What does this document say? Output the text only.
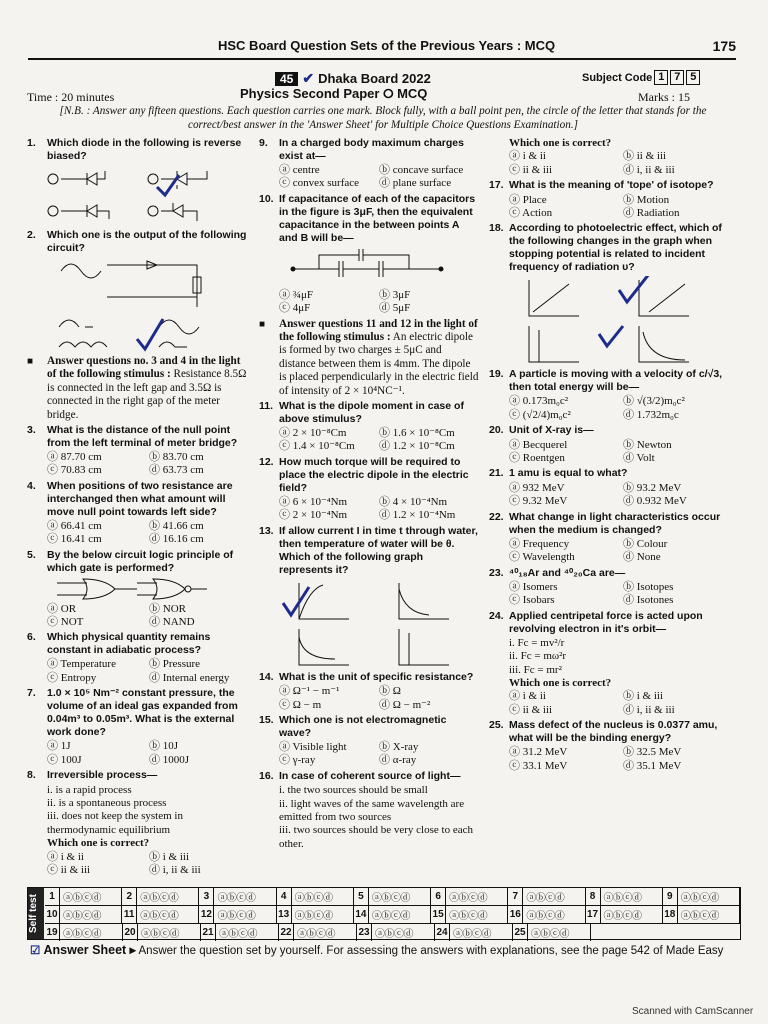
HSC Board Question Sets of the Previous Years : MCQ	175
45 ✔ Dhaka Board 2022	Subject Code 1 7 5
Time : 20 minutes	Physics Second Paper ⭘ MCQ	Marks : 15
[N.B. : Answer any fifteen questions. Each question carries one mark. Block fully, with a ball point pen, the circle of the letter that stands for the correct/best answer in the 'Answer Sheet' for Multiple Choice Questions Examination.]
1.	Which diode in the following is reverse biased?
2.	Which one is the output of the following circuit?
■	Answer questions no. 3 and 4 in the light of the following stimulus : Resistance 8.5Ω is connected in the left gap and 3.5Ω is connected in the right gap of the meter bridge.
3.	What is the distance of the null point from the left terminal of meter bridge?
ⓐ 87.70 cm	ⓑ 83.70 cm
ⓒ 70.83 cm	ⓓ 63.73 cm
4.	When positions of two resistance are interchanged then what amount will move null point towards left side?
ⓐ 66.41 cm	ⓑ 41.66 cm
ⓒ 16.41 cm	ⓓ 16.16 cm
5.	By the below circuit logic principle of which gate is performed?
ⓐ OR	ⓑ NOR
ⓒ NOT	ⓓ NAND
6.	Which physical quantity remains constant in adiabatic process?
ⓐ Temperature	ⓑ Pressure
ⓒ Entropy	ⓓ Internal energy
7.	1.0 × 10⁵ Nm⁻² constant pressure, the volume of an ideal gas expanded from 0.04m³ to 0.05m³. What is the external work done?
ⓐ 1J	ⓑ 10J
ⓒ 100J	ⓓ 1000J
8.	Irreversible process—
i. is a rapid process
ii. is a spontaneous process
iii. does not keep the system in thermodynamic equilibrium
Which one is correct?
ⓐ i & ii	ⓑ i & iii
ⓒ ii & iii	ⓓ i, ii & iii
9.	In a charged body maximum charges exist at—
ⓐ centre	ⓑ concave surface
ⓒ convex surface	ⓓ plane surface
10. If capacitance of each of the capacitors in the figure is 3μF, then the equivalent capacitance in the between points A and B will be—
ⓐ ¾μF	ⓑ 3μF
ⓒ 4μF	ⓓ 5μF
■	Answer questions 11 and 12 in the light of the following stimulus : An electric dipole is formed by two charges ± 5μC and distance between them is 4mm. The dipole is placed perpendicularly in the electric field of intensity of 2 × 10⁴NC⁻¹.
11. What is the dipole moment in case of above stimulus?
ⓐ 2 × 10⁻⁸Cm	ⓑ 1.6 × 10⁻⁸Cm
ⓒ 1.4 × 10⁻⁸Cm	ⓓ 1.2 × 10⁻⁸Cm
12. How much torque will be required to place the electric dipole in the electric field?
ⓐ 6 × 10⁻⁴Nm	ⓑ 4 × 10⁻⁴Nm
ⓒ 2 × 10⁻⁴Nm	ⓓ 1.2 × 10⁻⁴Nm
13. If allow current I in time t through water, then temperature of water will be θ. Which of the following graph represents it?
14. What is the unit of specific resistance?
ⓐ Ω⁻¹ − m⁻¹	ⓑ Ω
ⓒ Ω − m	ⓓ Ω − m⁻²
15. Which one is not electromagnetic wave?
ⓐ Visible light	ⓑ X-ray
ⓒ γ-ray	ⓓ α-ray
16. In case of coherent source of light—
i. the two sources should be small
ii. light waves of the same wavelength are emitted from two sources
iii. two sources should be very close to each other.
Which one is correct?
ⓐ i & ii	ⓑ ii & iii
ⓒ ii & iii	ⓓ i, ii & iii
17. What is the meaning of 'tope' of isotope?
ⓐ Place	ⓑ Motion
ⓒ Action	ⓓ Radiation
18. According to photoelectric effect, which of the following changes in the graph when stopping potential is related to incident frequency of radiation υ?
19. A particle is moving with a velocity of c/√3, then total energy will be—
ⓐ 0.173m₀c²	ⓑ √(3/2)m₀c²
ⓒ (√2/4)m₀c²	ⓓ 1.732m₀c
20. Unit of X-ray is—
ⓐ Becquerel	ⓑ Newton
ⓒ Roentgen	ⓓ Volt
21. 1 amu is equal to what?
ⓐ 932 MeV	ⓑ 93.2 MeV
ⓒ 9.32 MeV	ⓓ 0.932 MeV
22. What change in light characteristics occur when the medium is changed?
ⓐ Frequency	ⓑ Colour
ⓒ Wavelength	ⓓ None
23. ⁴⁰₁₈Ar and ⁴⁰₂₀Ca are—
ⓐ Isomers	ⓑ Isotopes
ⓒ Isobars	ⓓ Isotones
24. Applied centripetal force is acted upon revolving electron in it's orbit—
i. Fc = mv²/r
ii. Fc = mω²r
iii. Fc = mr²
Which one is correct?
ⓐ i & ii	ⓑ i & iii
ⓒ ii & iii	ⓓ i, ii & iii
25. Mass defect of the nucleus is 0.0377 amu, what will be the binding energy?
ⓐ 31.2 MeV	ⓑ 32.5 MeV
ⓒ 33.1 MeV	ⓓ 35.1 MeV
Self test	1 ⓐⓑⓒⓓ	2 ⓐⓑⓒⓓ	3 ⓐⓑⓒⓓ	4 ⓐⓑⓒⓓ	5 ⓐⓑⓒⓓ	6 ⓐⓑⓒⓓ	7 ⓐⓑⓒⓓ	8 ⓐⓑⓒⓓ	9 ⓐⓑⓒⓓ
10 ⓐⓑⓒⓓ 11 ⓐⓑⓒⓓ 12 ⓐⓑⓒⓓ 13 ⓐⓑⓒⓓ 14 ⓐⓑⓒⓓ 15 ⓐⓑⓒⓓ 16 ⓐⓑⓒⓓ 17 ⓐⓑⓒⓓ 18 ⓐⓑⓒⓓ
19 ⓐⓑⓒⓓ 20 ⓐⓑⓒⓓ 21 ⓐⓑⓒⓓ 22 ⓐⓑⓒⓓ 23 ⓐⓑⓒⓓ 24 ⓐⓑⓒⓓ 25 ⓐⓑⓒⓓ
☑ Answer Sheet ▸ Answer the question set by yourself. For assessing the answers with explanations, see the page 542 of Made Easy
Scanned with CamScanner
